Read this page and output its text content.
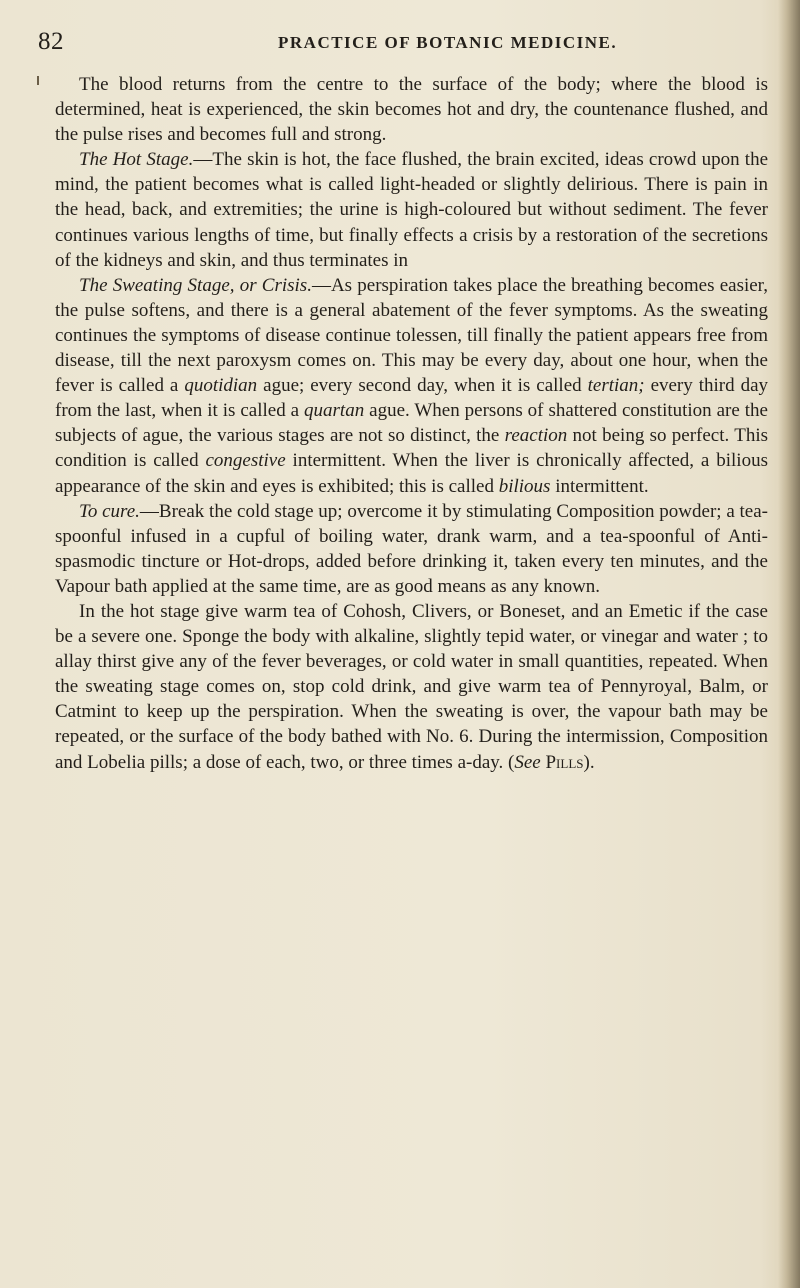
82	PRACTICE OF BOTANIC MEDICINE.

The blood returns from the centre to the surface of the body; where the blood is determined, heat is experienced, the skin becomes hot and dry, the countenance flushed, and the pulse rises and becomes full and strong.

The Hot Stage.—The skin is hot, the face flushed, the brain excited, ideas crowd upon the mind, the patient becomes what is called light-headed or slightly delirious. There is pain in the head, back, and extremities; the urine is high-coloured but without sediment. The fever continues various lengths of time, but finally effects a crisis by a restoration of the secretions of the kidneys and skin, and thus terminates in

The Sweating Stage, or Crisis.—As perspiration takes place the breathing becomes easier, the pulse softens, and there is a general abatement of the fever symptoms. As the sweating continues the symptoms of disease continue tolessen, till finally the patient appears free from disease, till the next paroxysm comes on. This may be every day, about one hour, when the fever is called a quotidian ague; every second day, when it is called tertian; every third day from the last, when it is called a quartan ague. When persons of shattered constitution are the subjects of ague, the various stages are not so distinct, the reaction not being so perfect. This condition is called congestive intermittent. When the liver is chronically affected, a bilious appearance of the skin and eyes is exhibited; this is called bilious intermittent.

To cure.—Break the cold stage up; overcome it by stimulating Composition powder; a tea-spoonful infused in a cupful of boiling water, drank warm, and a tea-spoonful of Anti-spasmodic tincture or Hot-drops, added before drinking it, taken every ten minutes, and the Vapour bath applied at the same time, are as good means as any known.

In the hot stage give warm tea of Cohosh, Clivers, or Boneset, and an Emetic if the case be a severe one. Sponge the body with alkaline, slightly tepid water, or vinegar and water ; to allay thirst give any of the fever beverages, or cold water in small quantities, repeated. When the sweating stage comes on, stop cold drink, and give warm tea of Pennyroyal, Balm, or Catmint to keep up the perspiration. When the sweating is over, the vapour bath may be repeated, or the surface of the body bathed with No. 6. During the intermission, Composition and Lobelia pills; a dose of each, two, or three times a-day. (See Pills).
